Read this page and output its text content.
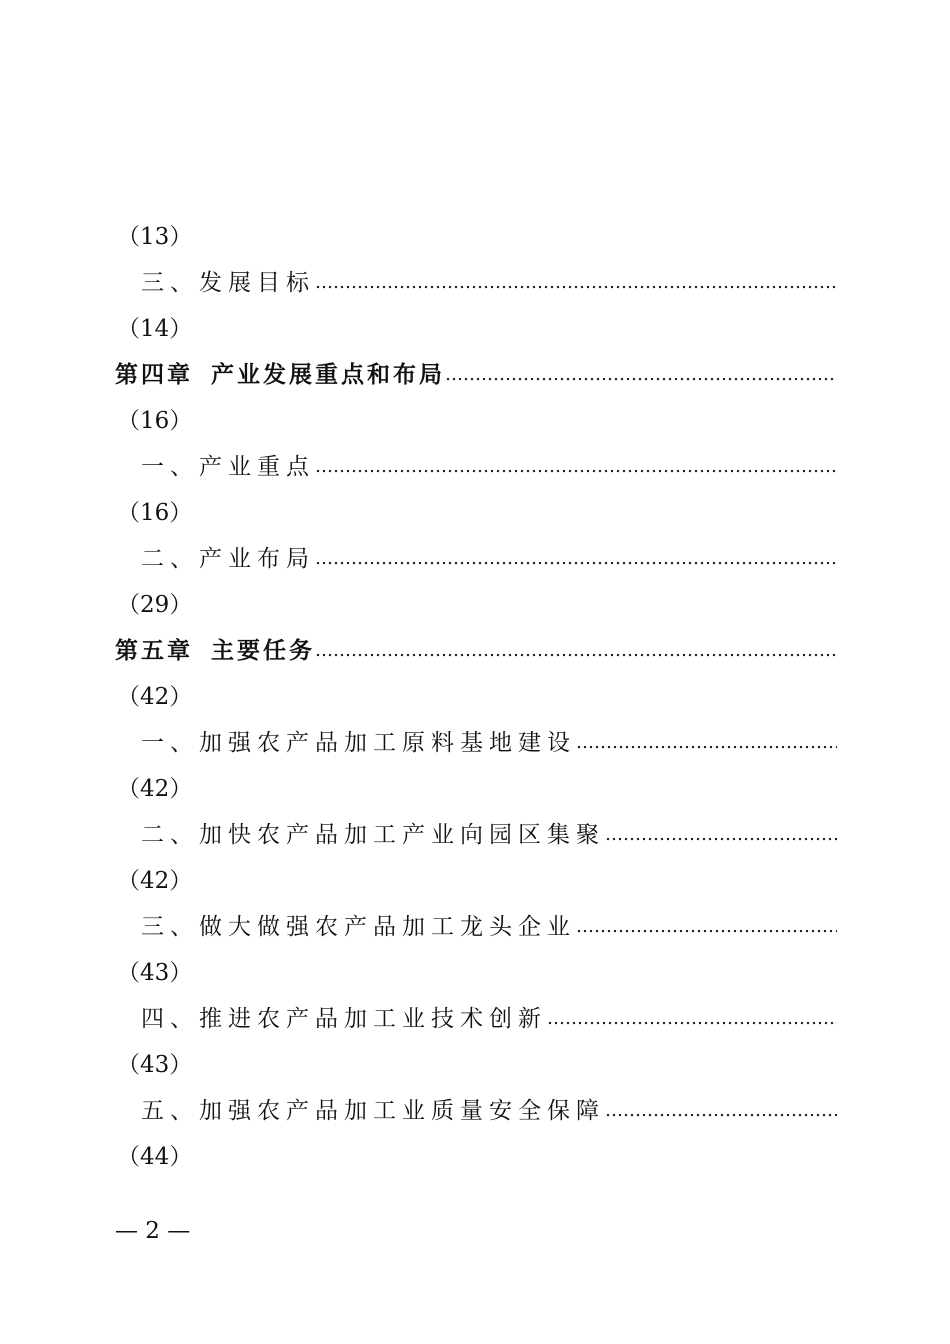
（13）
三、发展目标
………………………………………………………………………………………………
（14）
第四章 产业发展重点和布局
………………………………………………………………………………………………
（16）
一、产业重点
………………………………………………………………………………………………
（16）
二、产业布局
………………………………………………………………………………………………
（29）
第五章 主要任务
………………………………………………………………………………………………
（42）
一、加强农产品加工原料基地建设
………………………………………………………………………………………………
（42）
二、加快农产品加工产业向园区集聚
………………………………………………………………………………………………
（42）
三、做大做强农产品加工龙头企业
………………………………………………………………………………………………
（43）
四、推进农产品加工业技术创新
………………………………………………………………………………………………
（43）
五、加强农产品加工业质量安全保障
………………………………………………………………………………………………
（44）
— 2 —
